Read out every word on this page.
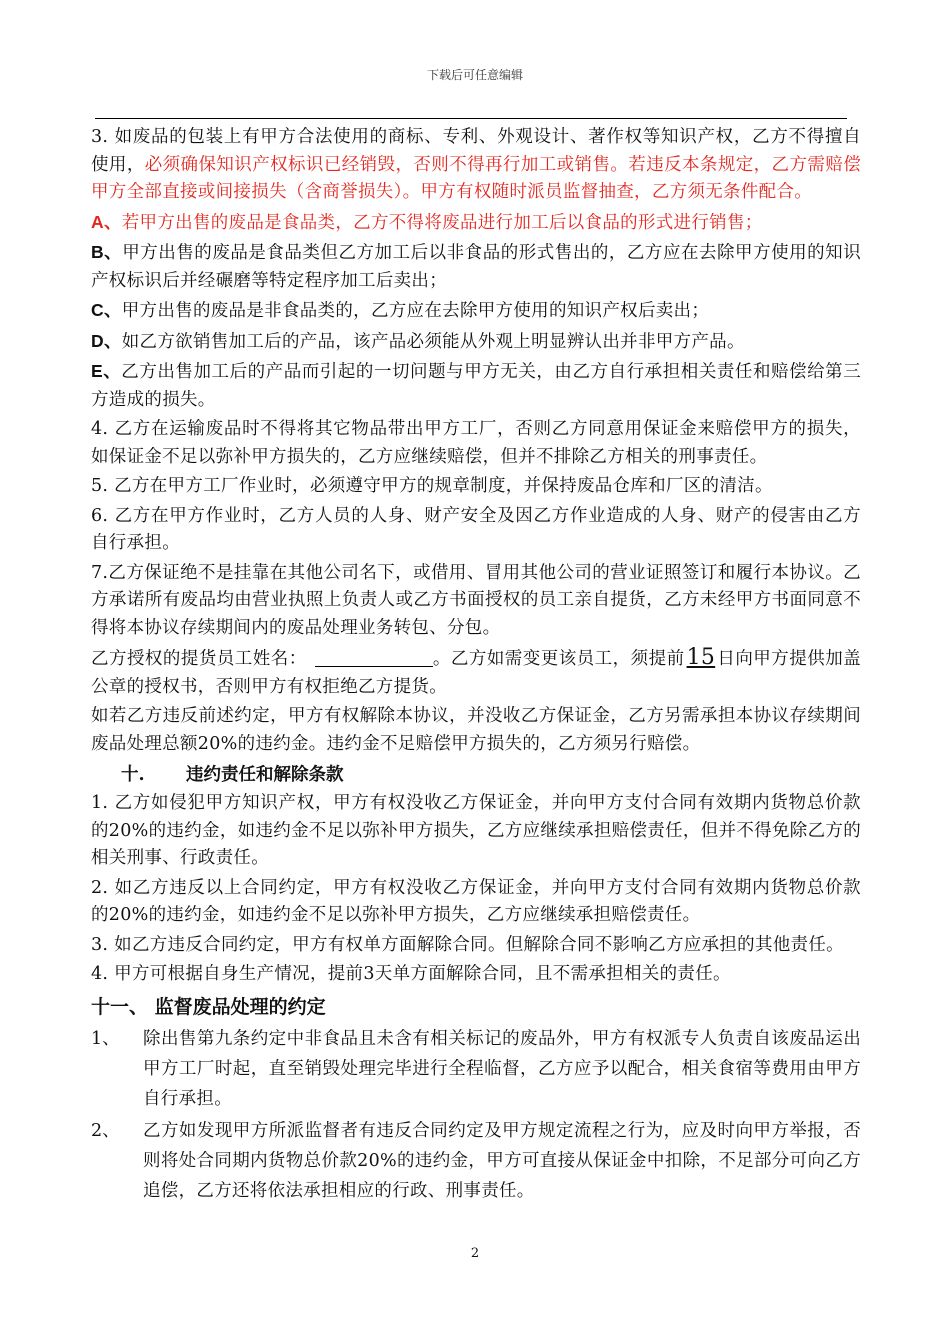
下载后可任意编辑

3. 如废品的包装上有甲方合法使用的商标、专利、外观设计、著作权等知识产权，乙方不得擅自使用，必须确保知识产权标识已经销毁，否则不得再行加工或销售。若违反本条规定，乙方需赔偿甲方全部直接或间接损失（含商誉损失）。甲方有权随时派员监督抽查，乙方须无条件配合。

A、若甲方出售的废品是食品类，乙方不得将废品进行加工后以食品的形式进行销售；

B、甲方出售的废品是食品类但乙方加工后以非食品的形式售出的，乙方应在去除甲方使用的知识产权标识后并经碾磨等特定程序加工后卖出；

C、甲方出售的废品是非食品类的，乙方应在去除甲方使用的知识产权后卖出；

D、如乙方欲销售加工后的产品，该产品必须能从外观上明显辨认出并非甲方产品。

E、乙方出售加工后的产品而引起的一切问题与甲方无关，由乙方自行承担相关责任和赔偿给第三方造成的损失。

4. 乙方在运输废品时不得将其它物品带出甲方工厂，否则乙方同意用保证金来赔偿甲方的损失，如保证金不足以弥补甲方损失的，乙方应继续赔偿，但并不排除乙方相关的刑事责任。

5. 乙方在甲方工厂作业时，必须遵守甲方的规章制度，并保持废品仓库和厂区的清洁。

6. 乙方在甲方作业时，乙方人员的人身、财产安全及因乙方作业造成的人身、财产的侵害由乙方自行承担。

7.乙方保证绝不是挂靠在其他公司名下，或借用、冒用其他公司的营业证照签订和履行本协议。乙方承诺所有废品均由营业执照上负责人或乙方书面授权的员工亲自提货，乙方未经甲方书面同意不得将本协议存续期间内的废品处理业务转包、分包。

乙方授权的提货员工姓名：	。乙方如需变更该员工，须提前15 日向甲方提供加盖公章的授权书，否则甲方有权拒绝乙方提货。

如若乙方违反前述约定，甲方有权解除本协议，并没收乙方保证金，乙方另需承担本协议存续期间废品处理总额20%的违约金。违约金不足赔偿甲方损失的，乙方须另行赔偿。

十. 违约责任和解除条款

1. 乙方如侵犯甲方知识产权，甲方有权没收乙方保证金，并向甲方支付合同有效期内货物总价款的20%的违约金，如违约金不足以弥补甲方损失，乙方应继续承担赔偿责任，但并不得免除乙方的相关刑事、行政责任。

2. 如乙方违反以上合同约定，甲方有权没收乙方保证金，并向甲方支付合同有效期内货物总价款的20%的违约金，如违约金不足以弥补甲方损失，乙方应继续承担赔偿责任。

3. 如乙方违反合同约定，甲方有权单方面解除合同。但解除合同不影响乙方应承担的其他责任。

4. 甲方可根据自身生产情况，提前3天单方面解除合同，且不需承担相关的责任。

十一、 监督废品处理的约定
1、	除出售第九条约定中非食品且未含有相关标记的废品外，甲方有权派专人负责自该废品运出甲方工厂时起，直至销毁处理完毕进行全程临督，乙方应予以配合，相关食宿等费用由甲方自行承担。
2、	乙方如发现甲方所派监督者有违反合同约定及甲方规定流程之行为，应及时向甲方举报，否则将处合同期内货物总价款20%的违约金，甲方可直接从保证金中扣除，不足部分可向乙方追偿，乙方还将依法承担相应的行政、刑事责任。
2
